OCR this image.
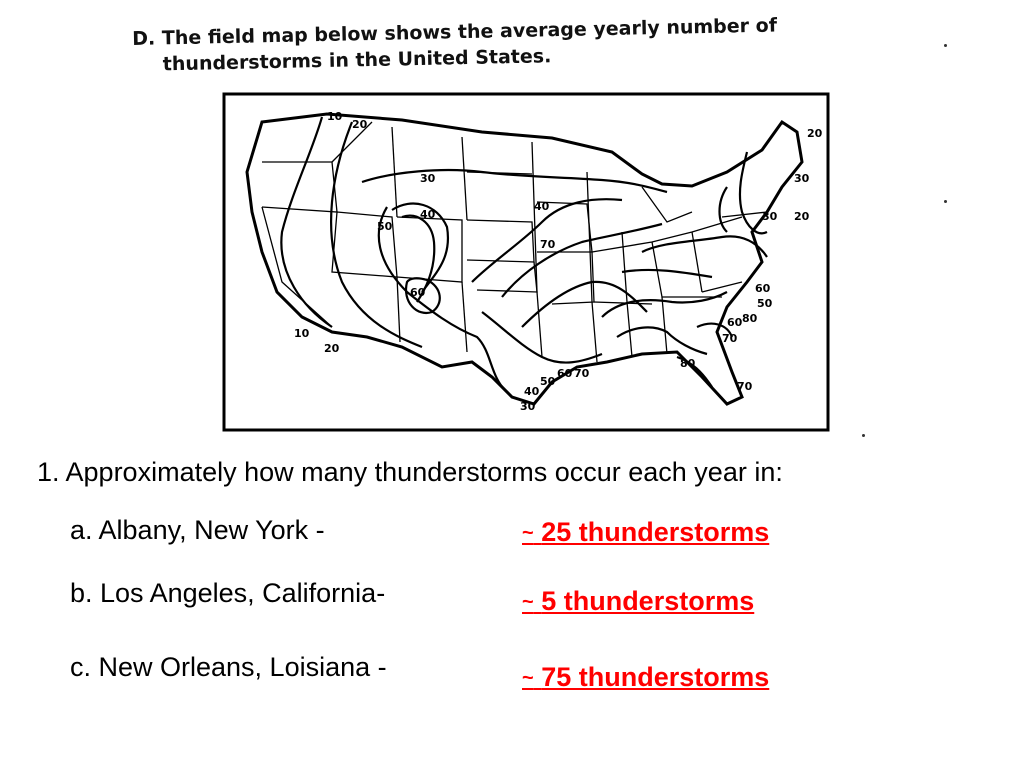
D. The field map below shows the average yearly number of
thunderstorms in the United States.
10
20
30
40
50
60
70
80
10
20
30
40
50
60 70
20
30
30
40
60
60
70
80
70
50
20
1. Approximately how many thunderstorms occur each year in:
a. Albany, New York -	~ 25 thunderstorms
b. Los Angeles, California-	~ 5 thunderstorms
c. New Orleans, Loisiana -	~ 75 thunderstorms
